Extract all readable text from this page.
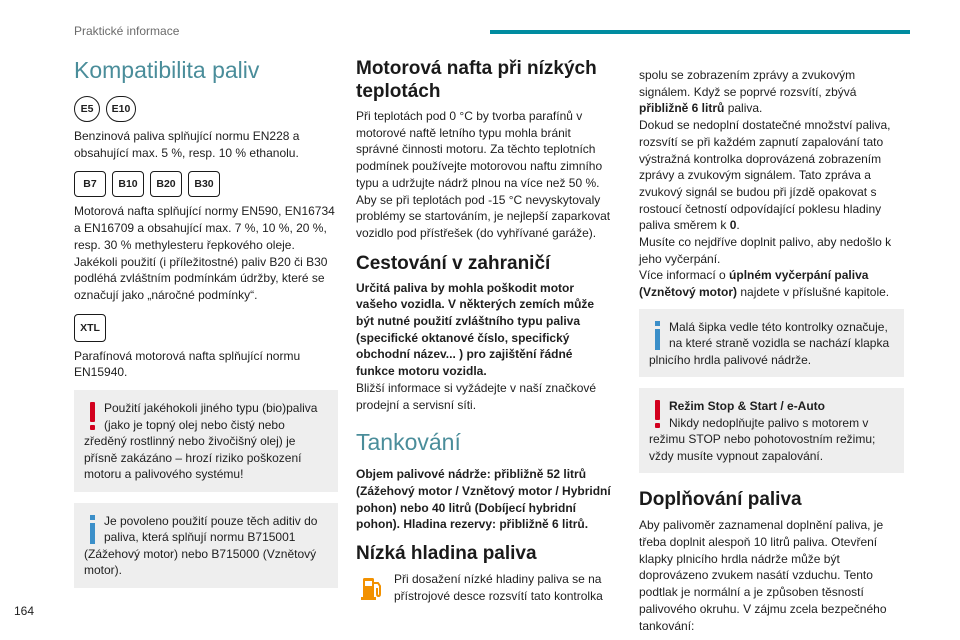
Praktické informace
Kompatibilita paliv
E5	E10

Benzinová paliva splňující normu EN228 a obsahující max. 5 %, resp. 10 % ethanolu.

B7	B10	B20	B30

Motorová nafta splňující normy EN590, EN16734 a EN16709 a obsahující max. 7 %, 10 %, 20 %, resp. 30 % methylesteru řepkového oleje. Jakékoli použití (i příležitostné) paliv B20 či B30 podléhá zvláštním podmínkám údržby, které se označují jako „náročné podmínky“.

XTL

Parafínová motorová nafta splňující normu EN15940.

Použití jakéhokoli jiného typu (bio)paliva (jako je topný olej nebo čistý nebo zředěný rostlinný nebo živočišný olej) je přísně zakázáno – hrozí riziko poškození motoru a palivového systému!
Je povoleno použití pouze těch aditiv do paliva, která splňují normu B715001 (Zážehový motor) nebo B715000 (Vznětový motor).
Motorová nafta při nízkých teplotách

Při teplotách pod 0 °C by tvorba parafínů v motorové naftě letního typu mohla bránit správné činnosti motoru. Za těchto teplotních podmínek používejte motorovou naftu zimního typu a udržujte nádrž plnou na více než 50 %. Aby se při teplotách pod -15 °C nevyskytovaly problémy se startováním, je nejlepší zaparkovat vozidlo pod přístřešek (do vyhřívané garáže).

Cestování v zahraničí

Určitá paliva by mohla poškodit motor vašeho vozidla. V některých zemích může být nutné použití zvláštního typu paliva (specifické oktanové číslo, specifický obchodní název... ) pro zajištění řádné funkce motoru vozidla.

Bližší informace si vyžádejte v naší značkové prodejní a servisní síti.

Tankování

Objem palivové nádrže: přibližně 52 litrů (Zážehový motor / Vznětový motor / Hybridní pohon) nebo 40 litrů (Dobíjecí hybridní pohon). Hladina rezervy: přibližně 6 litrů.

Nízká hladina paliva

Při dosažení nízké hladiny paliva se na přístrojové desce rozsvítí tato kontrolka

spolu se zobrazením zprávy a zvukovým signálem. Když se poprvé rozsvítí, zbývá přibližně 6 litrů paliva.

Dokud se nedoplní dostatečné množství paliva, rozsvítí se při každém zapnutí zapalování tato výstražná kontrolka doprovázená zobrazením zprávy a zvukovým signálem. Tato zpráva a zvukový signál se budou při jízdě opakovat s rostoucí četností odpovídající poklesu hladiny paliva směrem k 0.

Musíte co nejdříve doplnit palivo, aby nedošlo k jeho vyčerpání.

Více informací o úplném vyčerpání paliva (Vznětový motor) najdete v příslušné kapitole.

Malá šipka vedle této kontrolky označuje, na které straně vozidla se nachází klapka plnicího hrdla palivové nádrže.
Režim Stop & Start / e-Auto
Nikdy nedoplňujte palivo s motorem v režimu STOP nebo pohotovostním režimu; vždy musíte vypnout zapalování.
Doplňování paliva

Aby palivoměr zaznamenal doplnění paliva, je třeba doplnit alespoň 10 litrů paliva. Otevření klapky plnicího hrdla nádrže může být doprovázeno zvukem nasátí vzduchu. Tento podtlak je normální a je způsoben těsností palivového okruhu. V zájmu zcela bezpečného tankování:

164
